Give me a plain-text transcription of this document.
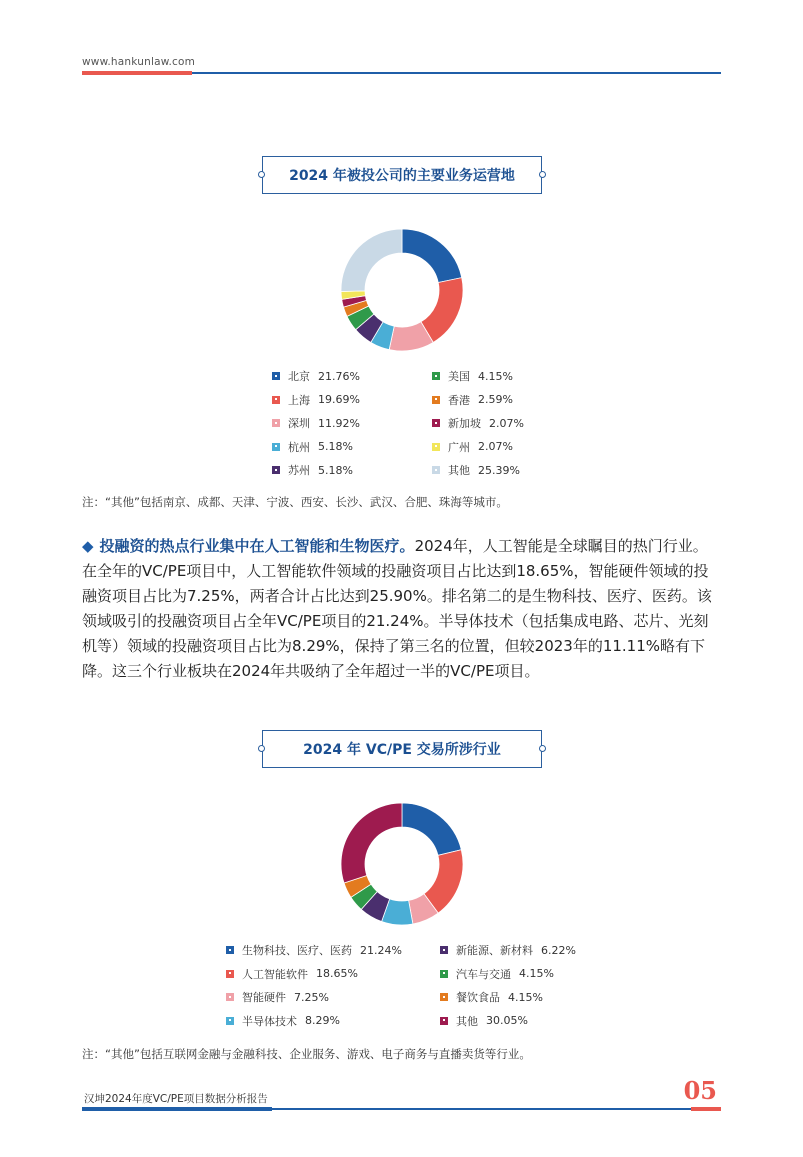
www.hankunlaw.com
2024 年被投公司的主要业务运营地
北京 21.76%
上海 19.69%
深圳 11.92%
杭州 5.18%
苏州 5.18%
美国 4.15%
香港 2.59%
新加坡 2.07%
广州 2.07%
其他 25.39%
注：“其他”包括南京、成都、天津、宁波、西安、长沙、武汉、合肥、珠海等城市。
◆ 投融资的热点行业集中在人工智能和生物医疗。2024年，人工智能是全球瞩目的热门行业。在全年的VC/PE项目中，人工智能软件领域的投融资项目占比达到18.65%，智能硬件领域的投融资项目占比为7.25%，两者合计占比达到25.90%。排名第二的是生物科技、医疗、医药。该领域吸引的投融资项目占全年VC/PE项目的21.24%。半导体技术（包括集成电路、芯片、光刻机等）领域的投融资项目占比为8.29%，保持了第三名的位置，但较2023年的11.11%略有下降。这三个行业板块在2024年共吸纳了全年超过一半的VC/PE项目。
2024 年 VC/PE 交易所涉行业
生物科技、医疗、医药 21.24%
人工智能软件 18.65%
智能硬件 7.25%
半导体技术 8.29%
新能源、新材料 6.22%
汽车与交通 4.15%
餐饮食品 4.15%
其他 30.05%
注：“其他”包括互联网金融与金融科技、企业服务、游戏、电子商务与直播卖货等行业。
汉坤2024年度VC/PE项目数据分析报告	05
